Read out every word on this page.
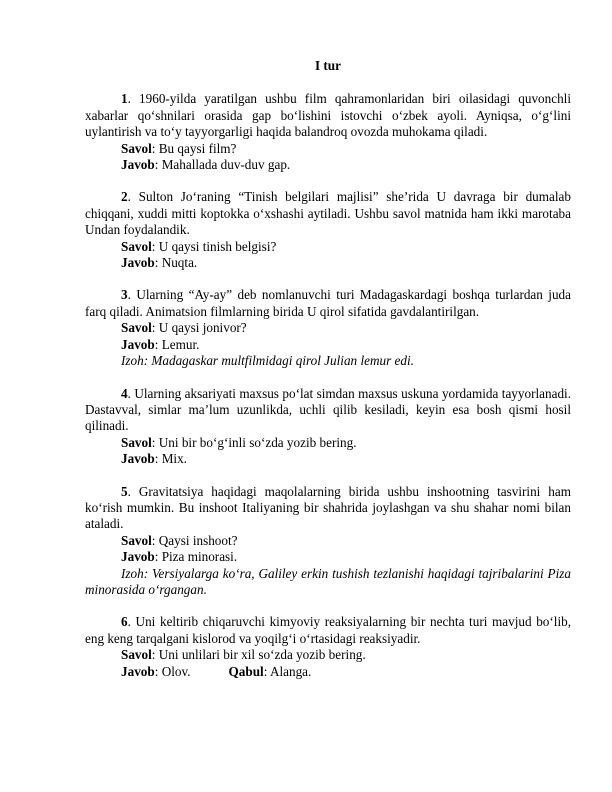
I tur

1. 1960-yilda yaratilgan ushbu film qahramonlaridan biri oilasidagi quvonchli xabarlar qo‘shnilari orasida gap bo‘lishini istovchi o‘zbek ayoli. Ayniqsa, o‘g‘lini uylantirish va to‘y tayyorgarligi haqida balandroq ovozda muhokama qiladi.

Savol: Bu qaysi film?

Javob: Mahallada duv-duv gap.

2. Sulton Jo‘raning “Tinish belgilari majlisi” she’rida U davraga bir dumalab chiqqani, xuddi mitti koptokka o‘xshashi aytiladi. Ushbu savol matnida ham ikki marotaba Undan foydalandik.

Savol: U qaysi tinish belgisi?

Javob: Nuqta.

3. Ularning “Ay-ay” deb nomlanuvchi turi Madagaskardagi boshqa turlardan juda farq qiladi. Animatsion filmlarning birida U qirol sifatida gavdalantirilgan.

Savol: U qaysi jonivor?

Javob: Lemur.

Izoh: Madagaskar multfilmidagi qirol Julian lemur edi.

4. Ularning aksariyati maxsus po‘lat simdan maxsus uskuna yordamida tayyorlanadi. Dastavval, simlar ma’lum uzunlikda, uchli qilib kesiladi, keyin esa bosh qismi hosil qilinadi.

Savol: Uni bir bo‘g‘inli so‘zda yozib bering.

Javob: Mix.

5. Gravitatsiya haqidagi maqolalarning birida ushbu inshootning tasvirini ham ko‘rish mumkin. Bu inshoot Italiyaning bir shahrida joylashgan va shu shahar nomi bilan ataladi.

Savol: Qaysi inshoot?

Javob: Piza minorasi.

Izoh: Versiyalarga ko‘ra, Galiley erkin tushish tezlanishi haqidagi tajribalarini Piza minorasida o‘rgangan.

6. Uni keltirib chiqaruvchi kimyoviy reaksiyalarning bir nechta turi mavjud bo‘lib, eng keng tarqalgani kislorod va yoqilg‘i o‘rtasidagi reaksiyadir.

Savol: Uni unlilari bir xil so‘zda yozib bering.

Javob: Olov.	Qabul: Alanga.
